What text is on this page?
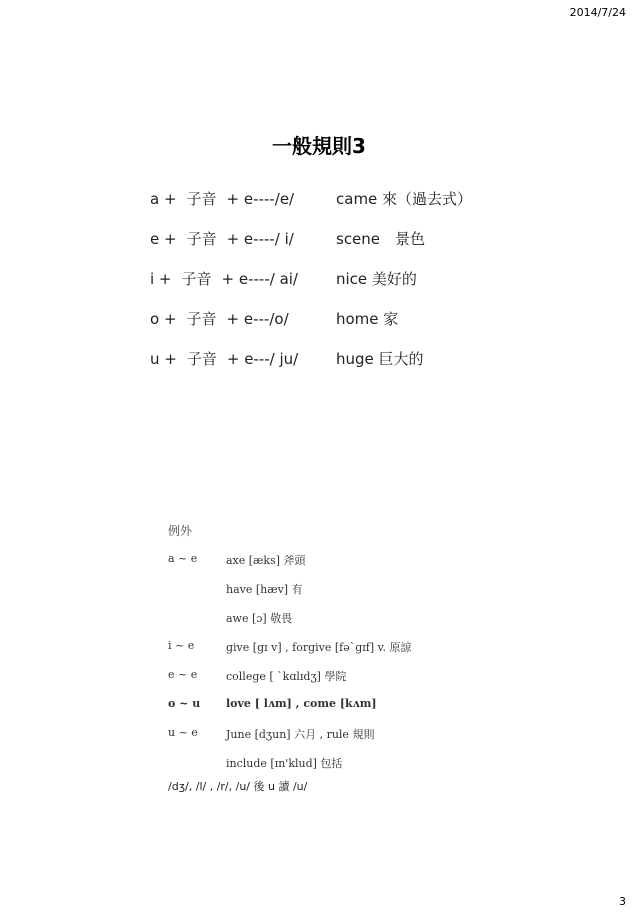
2014/7/24
一般規則3
a + 子音 + e----/e/	came 來（過去式）
e + 子音 + e----/ i/	scene　景色
i + 子音 + e----/ ai/	nice 美好的
o + 子音 + e---/o/	home 家
u + 子音 + e---/ ju/	huge 巨大的
例外
a ~ e	axe [æks] 斧頭
have [hæv] 有
awe [ɔ] 敬畏
i ~ e	give [gɪ v] , forgive [fə`gɪf] v. 原諒
e ~ e	college [ `kɑlɪdʒ] 學院
o ~ u love [ lʌm] , come [kʌm]
u ~ e	June [dʒun] 六月 , rule 規則
include [ɪn'klud] 包括
/dʒ/, /l/ , /r/, /u/ 後 u 讀 /u/
3
